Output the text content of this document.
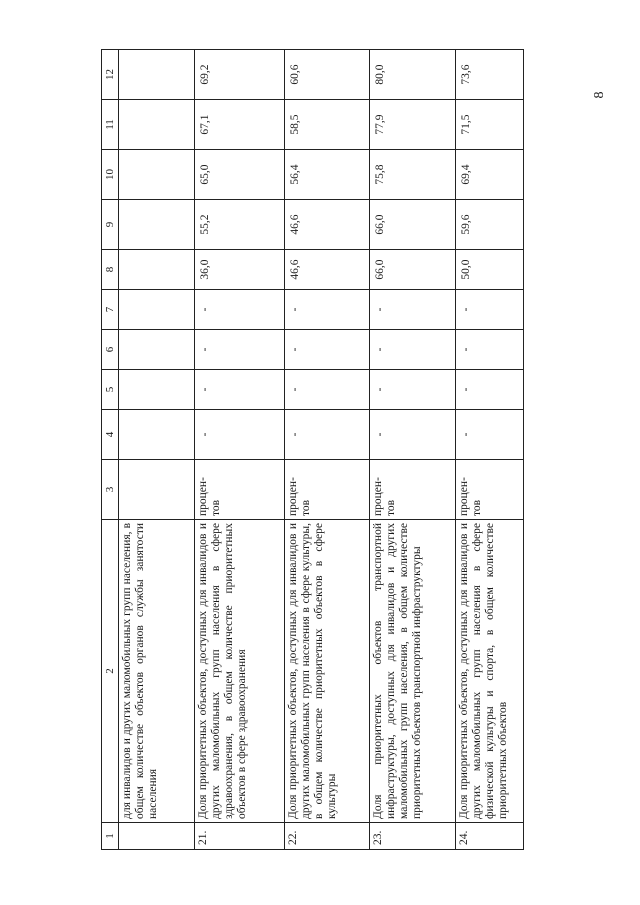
8
1	2	3	4	5	6	7	8	9	10	11	12
	для инвалидов и других маломобильных групп населения, в общем количестве объектов органов службы занятости населения										
21.	Доля приоритетных объектов, доступных для инвалидов и других маломобильных групп населения в сфере здравоохранения, в общем количестве приоритетных объектов в сфере здравоохранения	процен-тов	-	-	-	-	36,0	55,2	65,0	67,1	69,2
22.	Доля приоритетных объектов, доступных для инвалидов и других маломобильных групп населения в сфере культуры, в общем количестве приоритетных объектов в сфере культуры	процен-тов	-	-	-	-	46,6	46,6	56,4	58,5	60,6
23.	Доля приоритетных объектов транспортной инфраструктуры, доступных для инвалидов и других маломобильных групп населения, в общем количестве приоритетных объектов транспортной инфраструктуры	процен-тов	-	-	-	-	66,0	66,0	75,8	77,9	80,0
24.	Доля приоритетных объектов, доступных для инвалидов и других маломобильных групп населения в сфере физической культуры и спорта, в общем количестве приоритетных объектов	процен-тов	-	-	-	-	50,0	59,6	69,4	71,5	73,6
